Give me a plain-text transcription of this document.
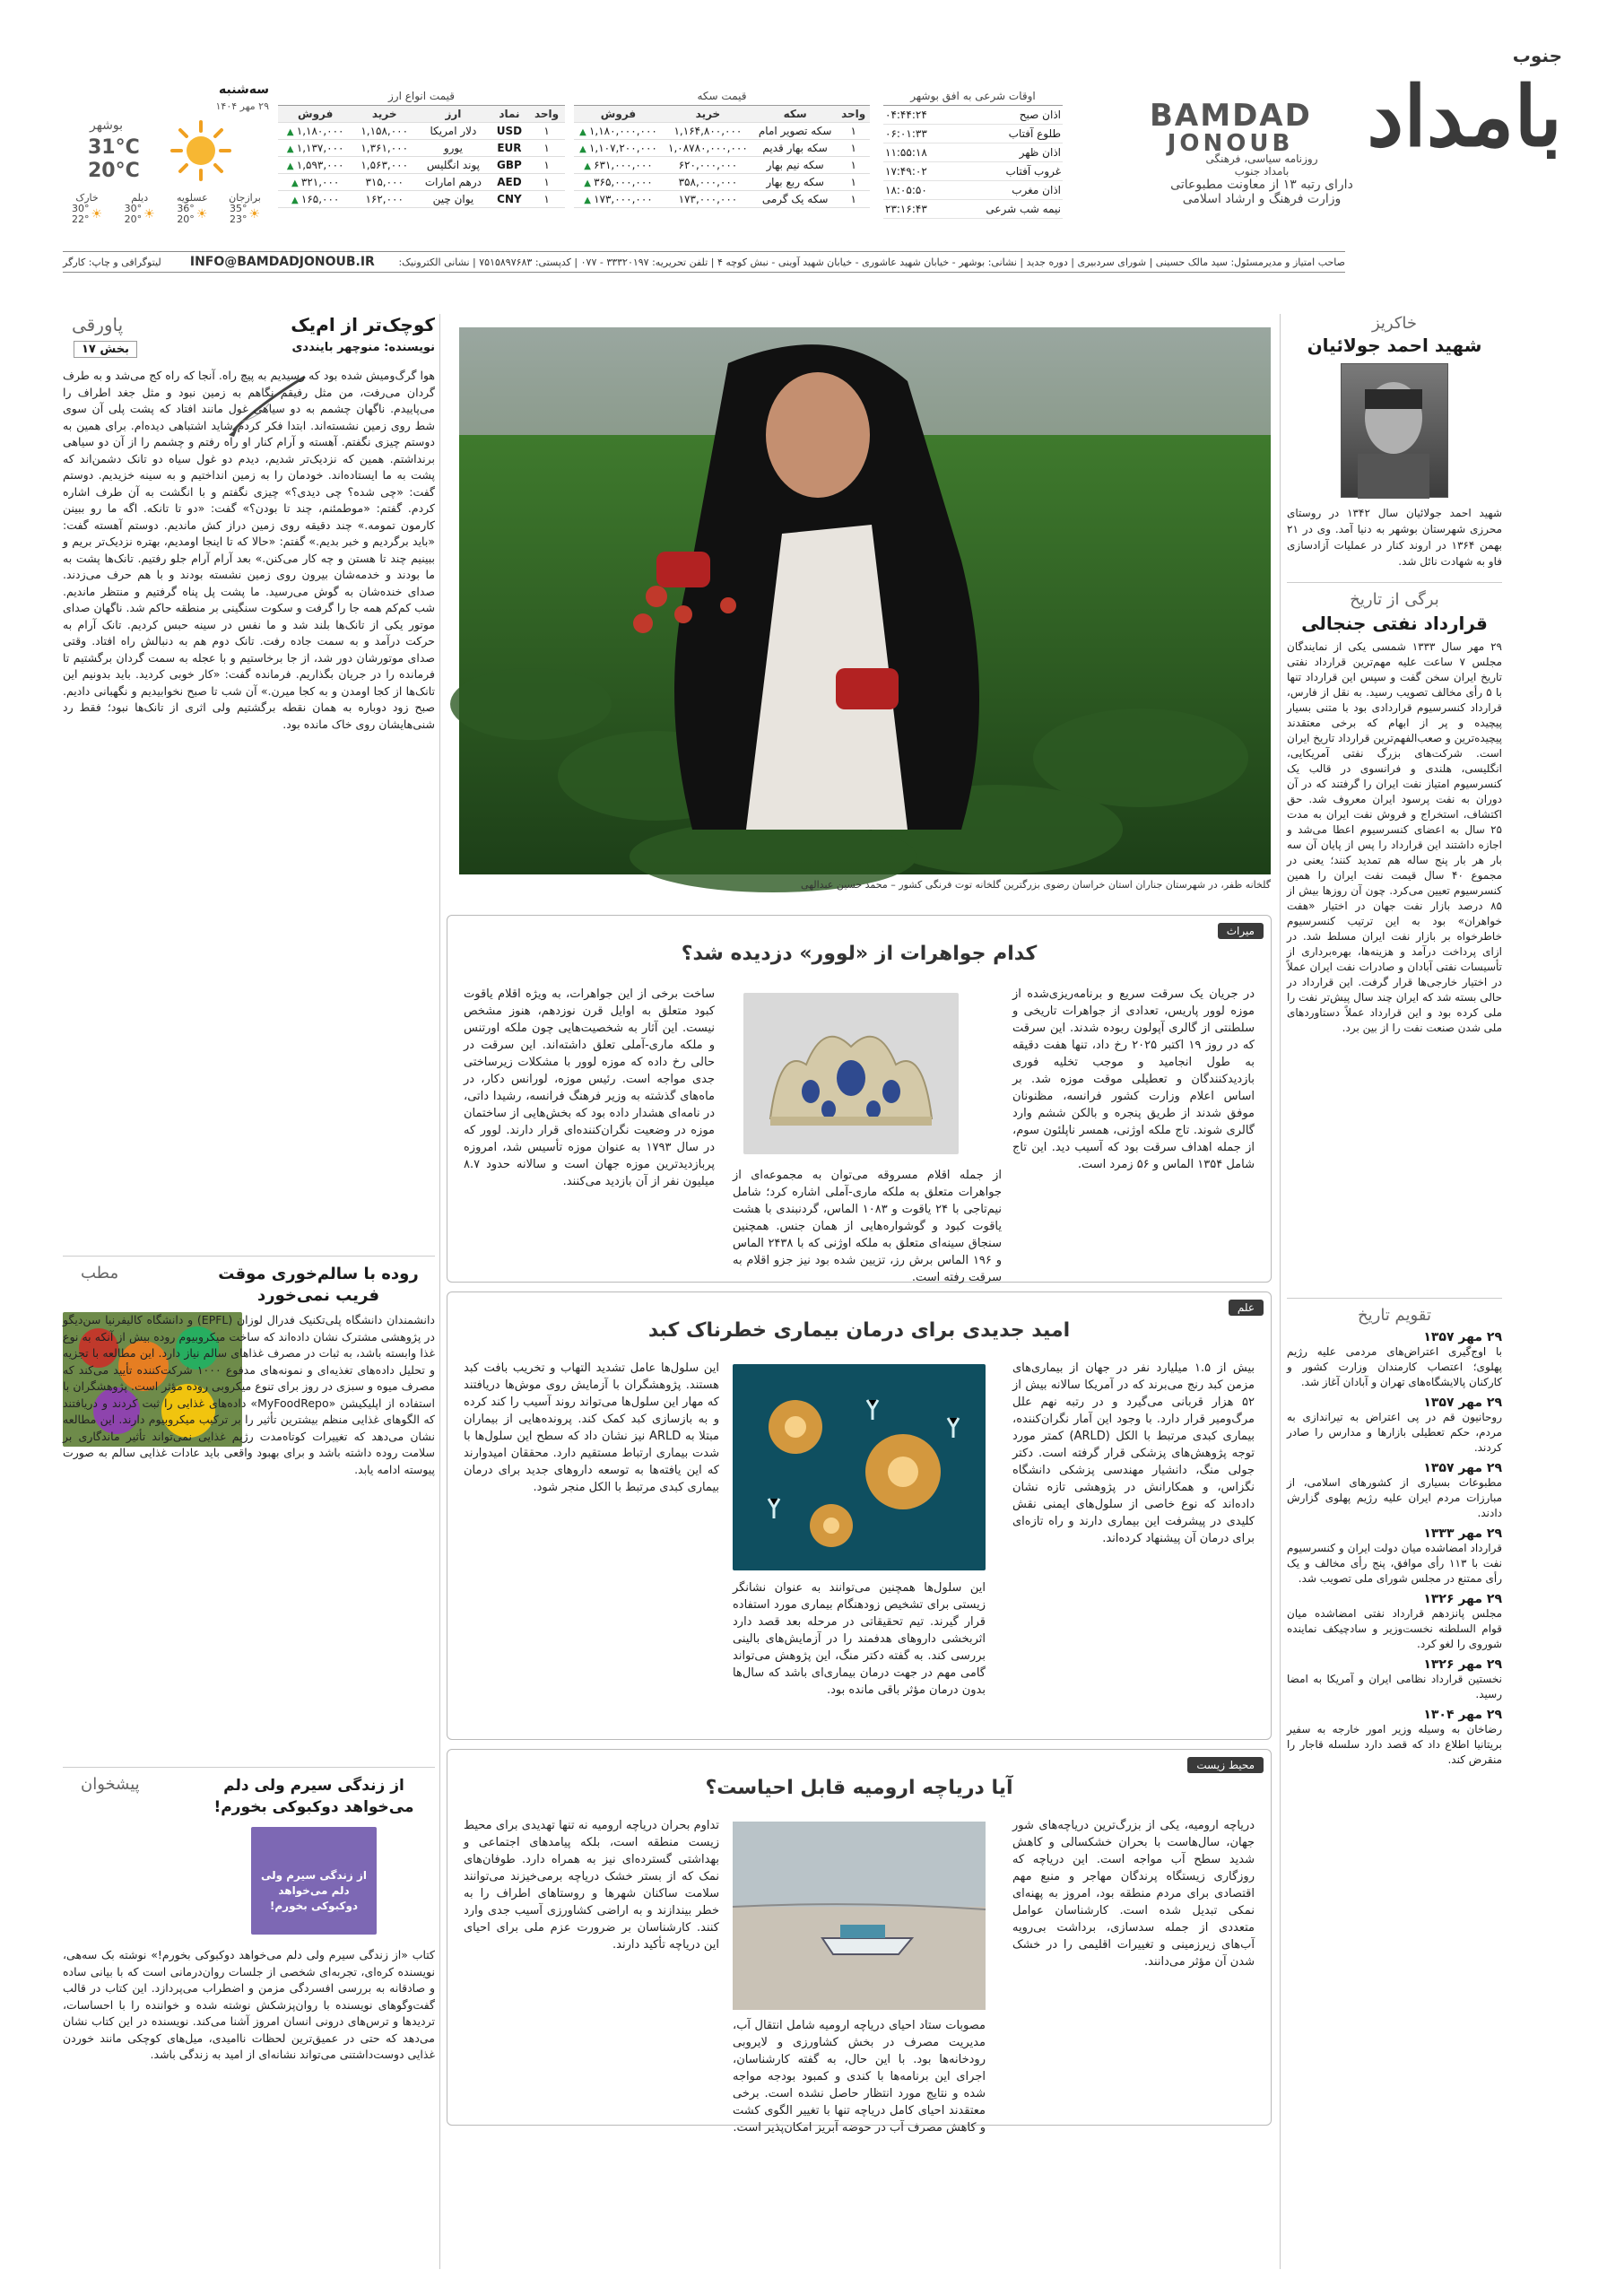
جنوب
بامداد
BAMDAD
JONOUB
روزنامه سیاسی، فرهنگی
بامداد جنوب
دارای رتبه ۱۳ از معاونت مطبوعاتی
وزارت فرهنگ و ارشاد اسلامی
اوقات شرعی به افق بوشهر
اذان صبح
۰۴:۴۴:۲۴
طلوع آفتاب
۰۶:۰۱:۳۳
اذان ظهر
۱۱:۵۵:۱۸
غروب آفتاب
۱۷:۴۹:۰۲
اذان مغرب
۱۸:۰۵:۵۰
نیمه شب شرعی
۲۳:۱۶:۴۳
قیمت سکه
واحد	سکه	خرید	فروش
۱	سکه تصویر امام	۱,۱۶۴,۸۰۰,۰۰۰	۱,۱۸۰,۰۰۰,۰۰۰ ▲
۱	سکه بهار قدیم	۱,۰۸۷۸۰,۰۰۰,۰۰۰	۱,۱۰۷,۲۰۰,۰۰۰ ▲
۱	سکه نیم بهار	۶۲۰,۰۰۰,۰۰۰	۶۳۱,۰۰۰,۰۰۰ ▲
۱	سکه ربع بهار	۳۵۸,۰۰۰,۰۰۰	۳۶۵,۰۰۰,۰۰۰ ▲
۱	سکه یک گرمی	۱۷۳,۰۰۰,۰۰۰	۱۷۳,۰۰۰,۰۰۰ ▲
قیمت انواع ارز
واحد	نماد	ارز	خرید	فروش
۱	USD	دلار امریکا	۱,۱۵۸,۰۰۰	۱,۱۸۰,۰۰۰ ▲
۱	EUR	یورو	۱,۳۶۱,۰۰۰	۱,۱۳۷,۰۰۰ ▲
۱	GBP	پوند انگلیس	۱,۵۶۳,۰۰۰	۱,۵۹۳,۰۰۰ ▲
۱	AED	درهم امارات	۳۱۵,۰۰۰	۳۲۱,۰۰۰ ▲
۱	CNY	یوان چین	۱۶۲,۰۰۰	۱۶۵,۰۰۰ ▲
سه‌شنبه
۲۹ مهر ۱۴۰۴
بوشهر
31°C
20°C
برازجان
☀
35°
23°
عسلویه
☀
36°
20°
دیلم
☀
30°
20°
خارک
☀
30°
22°
صاحب امتیاز و مدیرمسئول: سید مالک حسینی | شورای سردبیری | دوره جدید | نشانی: بوشهر - خیابان شهید عاشوری - خیابان شهید آوینی - نبش کوچه ۴ | تلفن تحریریه: ۳۳۳۲۰۱۹۷ - ۰۷۷ | کدپستی: ۷۵۱۵۸۹۷۶۸۳ | نشانی الکترونیک:
INFO@BAMDADJONOUB.IR
لیتوگرافی و چاپ: کارگر
خاکریز
شهید احمد جولائیان
شهید احمد جولائیان سال ۱۳۴۲ در روستای محرزی شهرستان بوشهر به دنیا آمد. وی در ۲۱ بهمن ۱۳۶۴ در اروند کنار در عملیات آزادسازی فاو به شهادت نائل شد.
برگی از تاریخ
قرارداد نفتی جنجالی
۲۹ مهر سال ۱۳۳۳ شمسی یکی از نمایندگان مجلس ۷ ساعت علیه مهم‌ترین قرارداد نفتی تاریخ ایران سخن گفت و سپس این قرارداد تنها با ۵ رأی مخالف تصویب رسید. به نقل از فارس، قرارداد کنسرسیوم قراردادی بود با متنی بسیار پیچیده و پر از ابهام که برخی معتقدند پیچیده‌ترین و صعب‌الفهم‌ترین قرارداد تاریخ ایران است. شرکت‌های بزرگ نفتی آمریکایی، انگلیسی، هلندی و فرانسوی در قالب یک کنسرسیوم امتیاز نفت ایران را گرفتند که در آن دوران به نفت پرسود ایران معروف شد. حق اکتشاف، استخراج و فروش نفت ایران به مدت ۲۵ سال به اعضای کنسرسیوم اعطا می‌شد و اجازه داشتند این قرارداد را پس از پایان آن سه بار هر بار پنج ساله هم تمدید کنند؛ یعنی در مجموع ۴۰ سال قیمت نفت ایران را همین کنسرسیوم تعیین می‌کرد. چون آن روزها بیش از ۸۵ درصد بازار نفت جهان در اختیار «هفت خواهران» بود به این ترتیب کنسرسیوم خاطرخواه بر بازار نفت ایران مسلط شد. در ازای پرداخت درآمد و هزینه‌ها، بهره‌برداری از تأسیسات نفتی آبادان و صادرات نفت ایران عملاً در اختیار خارجی‌ها قرار گرفت. این قرارداد در حالی بسته شد که ایران چند سال پیش‌تر نفت را ملی کرده بود و این قرارداد عملاً دستاوردهای ملی شدن صنعت نفت را از بین برد.
تقویم تاریخ
۲۹ مهر ۱۳۵۷
با اوج‌گیری اعتراض‌های مردمی علیه رژیم پهلوی؛ اعتصاب کارمندان وزارت کشور و کارکنان پالایشگاه‌های تهران و آبادان آغاز شد.
۲۹ مهر ۱۳۵۷
روحانیون قم در پی اعتراض به تیراندازی به مردم، حکم تعطیلی بازارها و مدارس را صادر کردند.
۲۹ مهر ۱۳۵۷
مطبوعات بسیاری از کشورهای اسلامی، از مبارزات مردم ایران علیه رژیم پهلوی گزارش دادند.
۲۹ مهر ۱۳۳۳
قرارداد امضاشده میان دولت ایران و کنسرسیوم نفت با ۱۱۳ رأی موافق، پنج رأی مخالف و یک رأی ممتنع در مجلس شورای ملی تصویب شد.
۲۹ مهر ۱۳۲۶
مجلس پانزدهم قرارداد نفتی امضاشده میان قوام السلطنه نخست‌وزیر و سادچیکف نماینده شوروی را لغو کرد.
۲۹ مهر ۱۳۲۶
نخستین قرارداد نظامی ایران و آمریکا به امضا رسید.
۲۹ مهر ۱۳۰۴
رضاخان به وسیله وزیر امور خارجه به سفیر بریتانیا اطلاع داد که قصد دارد سلسله قاجار را منقرض کند.
گلخانه ظفر، در شهرستان جناران استان خراسان رضوی بزرگترین گلخانه توت فرنگی کشور – محمد حسین عبدالهی
میراث
کدام جواهرات از «لوور» دزدیده شد؟
در جریان یک سرقت سریع و برنامه‌ریزی‌شده از موزه لوور پاریس، تعدادی از جواهرات تاریخی و سلطنتی از گالری آپولون ربوده شدند. این سرقت که در روز ۱۹ اکتبر ۲۰۲۵ رخ داد، تنها هفت دقیقه به طول انجامید و موجب تخلیه فوری بازدیدکنندگان و تعطیلی موقت موزه شد. بر اساس اعلام وزارت کشور فرانسه، مظنونان موفق شدند از طریق پنجره و بالکن ششم وارد گالری شوند. تاج ملکه اوژنی، همسر ناپلئون سوم، از جمله اهداف سرقت بود که آسیب دید. این تاج شامل ۱۳۵۴ الماس و ۵۶ زمرد است.
از جمله اقلام مسروقه می‌توان به مجموعه‌ای از جواهرات متعلق به ملکه ماری-آملی اشاره کرد؛ شامل نیم‌تاجی با ۲۴ یاقوت و ۱۰۸۳ الماس، گردنبندی با هشت یاقوت کبود و گوشواره‌هایی از همان جنس. همچنین سنجاق سینه‌ای متعلق به ملکه اوژنی که با ۲۴۳۸ الماس و ۱۹۶ الماس برش رز، تزیین شده بود نیز جزو اقلام به سرقت رفته است.
ساخت برخی از این جواهرات، به ویژه اقلام یاقوت کبود متعلق به اوایل قرن نوزدهم، هنوز مشخص نیست. این آثار به شخصیت‌هایی چون ملکه اورتنس و ملکه ماری-آملی تعلق داشته‌اند. این سرقت در حالی رخ داده که موزه لوور با مشکلات زیرساختی جدی مواجه است. رئیس موزه، لورانس دکار، در ماه‌های گذشته به وزیر فرهنگ فرانسه، رشیدا داتی، در نامه‌ای هشدار داده بود که بخش‌هایی از ساختمان موزه در وضعیت نگران‌کننده‌ای قرار دارند. لوور که در سال ۱۷۹۳ به عنوان موزه تأسیس شد، امروزه پربازدیدترین موزه جهان است و سالانه حدود ۸.۷ میلیون نفر از آن بازدید می‌کنند.
علم
امید جدیدی برای درمان بیماری خطرناک کبد
بیش از ۱.۵ میلیارد نفر در جهان از بیماری‌های مزمن کبد رنج می‌برند که در آمریکا سالانه بیش از ۵۲ هزار قربانی می‌گیرد و در رتبه نهم علل مرگ‌ومیر قرار دارد. با وجود این آمار نگران‌کننده، بیماری کبدی مرتبط با الکل (ARLD) کمتر مورد توجه پژوهش‌های پزشکی قرار گرفته است. دکتر جولی منگ، دانشیار مهندسی پزشکی دانشگاه نگزاس، و همکارانش در پژوهشی تازه نشان داده‌اند که نوع خاصی از سلول‌های ایمنی نقش کلیدی در پیشرفت این بیماری دارند و راه تازه‌ای برای درمان آن پیشنهاد کرده‌اند.
این سلول‌ها عامل تشدید التهاب و تخریب بافت کبد هستند. پژوهشگران با آزمایش روی موش‌ها دریافتند که مهار این سلول‌ها می‌تواند روند آسیب را کند کرده و به بازسازی کبد کمک کند. پرونده‌هایی از بیماران مبتلا به ARLD نیز نشان داد که سطح این سلول‌ها با شدت بیماری ارتباط مستقیم دارد. محققان امیدوارند که این یافته‌ها به توسعه داروهای جدید برای درمان بیماری کبدی مرتبط با الکل منجر شود.
این سلول‌ها همچنین می‌توانند به عنوان نشانگر زیستی برای تشخیص زودهنگام بیماری مورد استفاده قرار گیرند. تیم تحقیقاتی در مرحله بعد قصد دارد اثربخشی داروهای هدفمند را در آزمایش‌های بالینی بررسی کند. به گفته دکتر منگ، این پژوهش می‌تواند گامی مهم در جهت درمان بیماری‌ای باشد که سال‌ها بدون درمان مؤثر باقی مانده بود.
محیط زیست
آیا دریاچه ارومیه قابل احیاست؟
دریاچه ارومیه، یکی از بزرگ‌ترین دریاچه‌های شور جهان، سال‌هاست با بحران خشکسالی و کاهش شدید سطح آب مواجه است. این دریاچه که روزگاری زیستگاه پرندگان مهاجر و منبع مهم اقتصادی برای مردم منطقه بود، امروز به پهنه‌ای نمکی تبدیل شده است. کارشناسان عوامل متعددی از جمله سدسازی، برداشت بی‌رویه آب‌های زیرزمینی و تغییرات اقلیمی را در خشک شدن آن مؤثر می‌دانند.
مصوبات ستاد احیای دریاچه ارومیه شامل انتقال آب، مدیریت مصرف در بخش کشاورزی و لایروبی رودخانه‌ها بود. با این حال، به گفته کارشناسان، اجرای این برنامه‌ها با کندی و کمبود بودجه مواجه شده و نتایج مورد انتظار حاصل نشده است. برخی معتقدند احیای کامل دریاچه تنها با تغییر الگوی کشت و کاهش مصرف آب در حوضه آبریز امکان‌پذیر است.
تداوم بحران دریاچه ارومیه نه تنها تهدیدی برای محیط زیست منطقه است، بلکه پیامدهای اجتماعی و بهداشتی گسترده‌ای نیز به همراه دارد. طوفان‌های نمک که از بستر خشک دریاچه برمی‌خیزند می‌توانند سلامت ساکنان شهرها و روستاهای اطراف را به خطر بیندازند و به اراضی کشاورزی آسیب جدی وارد کنند. کارشناسان بر ضرورت عزم ملی برای احیای این دریاچه تأکید دارند.
پاورقی
بخش ۱۷
کوچک‌تر از ام‌یک
نویسنده: منوچهر باینددی
هوا گرگ‌ومیش شده بود که رسیدیم به پیچ راه. آنجا که راه کج می‌شد و به طرف گردان می‌رفت، من مثل رفیقم نگاهم به زمین نبود و مثل جغد اطراف را می‌پاییدم. ناگهان چشمم به دو سیاهی غول مانند افتاد که پشت پلی آن سوی شط روی زمین نشسته‌اند. ابتدا فکر کردم شاید اشتباهی دیده‌ام. برای همین به دوستم چیزی نگفتم. آهسته و آرام کنار او راه رفتم و چشمم را از آن دو سیاهی برنداشتم. همین که نزدیک‌تر شدیم، دیدم دو غول سیاه دو تانک دشمن‌اند که پشت به ما ایستاده‌اند. خودمان را به زمین انداختیم و به سینه خزیدیم. دوستم گفت: «چی شده؟ چی دیدی؟» چیزی نگفتم و با انگشت به آن طرف اشاره کردم. گفتم: «موطمئنم، چند تا بودن؟» گفت: «دو تا تانکه. اگه ما رو ببینن کارمون تمومه.» چند دقیقه روی زمین دراز کش ماندیم. دوستم آهسته گفت: «باید برگردیم و خبر بدیم.» گفتم: «حالا که تا اینجا اومدیم، بهتره نزدیک‌تر بریم و ببینیم چند تا هستن و چه کار می‌کنن.» بعد آرام آرام جلو رفتیم. تانک‌ها پشت به ما بودند و خدمه‌شان بیرون روی زمین نشسته بودند و با هم حرف می‌زدند. صدای خنده‌شان به گوش می‌رسید. ما پشت پل پناه گرفتیم و منتظر ماندیم. شب کم‌کم همه جا را گرفت و سکوت سنگینی بر منطقه حاکم شد. ناگهان صدای موتور یکی از تانک‌ها بلند شد و ما نفس در سینه حبس کردیم. تانک آرام به حرکت درآمد و به سمت جاده رفت. تانک دوم هم به دنبالش راه افتاد. وقتی صدای موتورشان دور شد، از جا برخاستیم و با عجله به سمت گردان برگشتیم تا فرمانده را در جریان بگذاریم. فرمانده گفت: «کار خوبی کردید. باید بدونیم این تانک‌ها از کجا اومدن و به کجا میرن.» آن شب تا صبح نخوابیدیم و نگهبانی دادیم. صبح زود دوباره به همان نقطه برگشتیم ولی اثری از تانک‌ها نبود؛ فقط رد شنی‌هایشان روی خاک مانده بود.
مطب	روده با سالم‌خوری موقت فریب نمی‌خورد
دانشمندان دانشگاه پلی‌تکنیک فدرال لوزان (EPFL) و دانشگاه کالیفرنیا سن‌دیگو در پژوهشی مشترک نشان داده‌اند که ساخت میکروبیوم روده بیش از آنکه به نوع غذا وابسته باشد، به ثبات در مصرف غذاهای سالم نیاز دارد. این مطالعه با تجزیه و تحلیل داده‌های تغذیه‌ای و نمونه‌های مدفوع ۱۰۰۰ شرکت‌کننده تأیید می‌کند که مصرف میوه و سبزی در روز برای تنوع میکروبی روده مؤثر است. پژوهشگران با استفاده از اپلیکیشن «MyFoodRepo» داده‌های غذایی را ثبت کردند و دریافتند که الگوهای غذایی منظم بیشترین تأثیر را بر ترکیب میکروبیوم دارند. این مطالعه نشان می‌دهد که تغییرات کوتاه‌مدت رژیم غذایی نمی‌تواند تأثیر ماندگاری بر سلامت روده داشته باشد و برای بهبود واقعی باید عادات غذایی سالم به صورت پیوسته ادامه یابد.
پیشخوان	از زندگی سیرم ولی دلم می‌خواهد دوکبوکی بخورم!
از زندگی سیرم ولی دلم می‌خواهد دوکبوکی بخورم!
کتاب «از زندگی سیرم ولی دلم می‌خواهد دوکبوکی بخورم!» نوشته بک سه‌هی، نویسنده کره‌ای، تجربه‌ای شخصی از جلسات روان‌درمانی است که با بیانی ساده و صادقانه به بررسی افسردگی مزمن و اضطراب می‌پردازد. این کتاب در قالب گفت‌وگوهای نویسنده با روان‌پزشکش نوشته شده و خواننده را با احساسات، تردیدها و ترس‌های درونی انسان امروز آشنا می‌کند. نویسنده در این کتاب نشان می‌دهد که حتی در عمیق‌ترین لحظات ناامیدی، میل‌های کوچکی مانند خوردن غذایی دوست‌داشتنی می‌تواند نشانه‌ای از امید به زندگی باشد.
